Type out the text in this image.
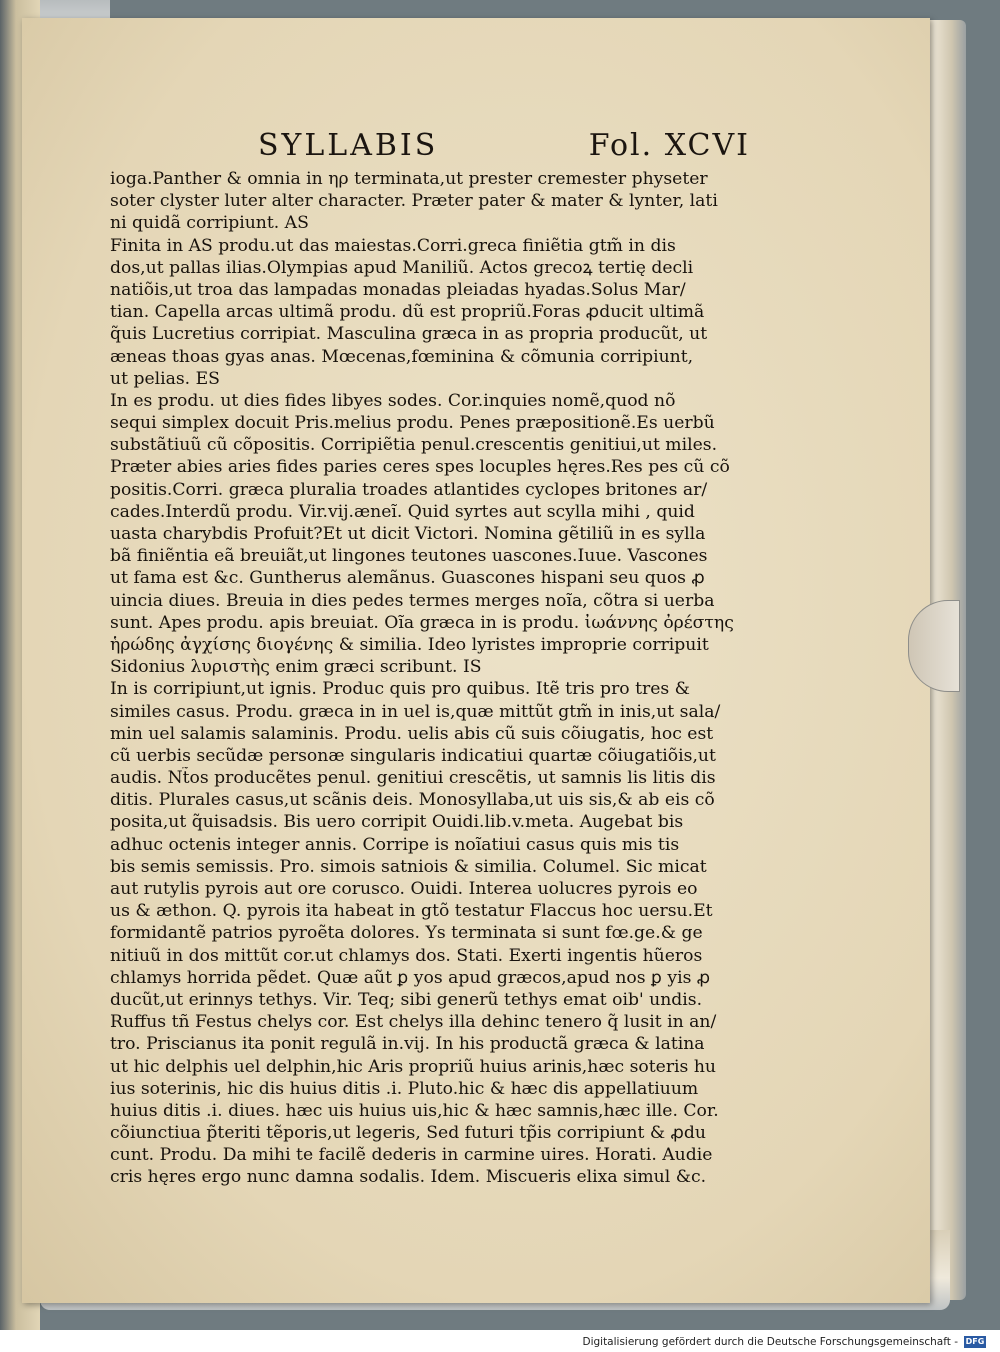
SYLLABIS	Fol. XCVI
ioga.Panther & omnia in ηρ terminata,ut prester cremester physeter
soter clyster luter alter character. Præter pater & mater & lynter, lati
ni quidã corripiunt. AS
Finita in AS produ.ut das maiestas.Corri.greca finiẽtia gtm̃ in dis
dos,ut pallas ilias.Olympias apud Maniliũ. Actos grecoꝝ tertię decli
natiõis,ut troa das lampadas monadas pleiadas hyadas.Solus Mar/
tian. Capella arcas ultimã produ. dũ est propriũ.Foras ꝓducit ultimã
q̃uis Lucretius corripiat. Masculina græca in as propria producũt, ut
æneas thoas gyas anas. Mœcenas,fœminina & cõmunia corripiunt,
ut pelias. ES
In es produ. ut dies fides libyes sodes. Cor.inquies nomẽ,quod nõ
sequi simplex docuit Pris.melius produ. Penes præpositionẽ.Es uerbũ
substãtiuũ cũ cõpositis. Corripiẽtia penul.crescentis genitiui,ut miles.
Præter abies aries fides paries ceres spes locuples hęres.Res pes cũ cõ
positis.Corri. græca pluralia troades atlantides cyclopes britones ar/
cades.Interdũ produ. Vir.vij.æneĩ. Quid syrtes aut scylla mihi , quid
uasta charybdis Profuit?Et ut dicit Victori. Nomina gẽtiliũ in es sylla
bã finiẽntia eã breuiãt,ut lingones teutones uascones.Iuue. Vascones
ut fama est &c. Guntherus alemãnus. Guascones hispani seu quos ꝓ
uincia diues. Breuia in dies pedes termes merges noĩa, cõtra si uerba
sunt. Apes produ. apis breuiat. Oĩa græca in is produ. ἰωάννης ὀρέστης
ἡρώδης ἀγχίσης διογένης & similia. Ideo lyristes improprie corripuit
Sidonius λυριστὴς enim græci scribunt. IS
In is corripiunt,ut ignis. Produc quis pro quibus. Itẽ tris pro tres &
similes casus. Produ. græca in in uel is,quæ mittũt gtm̃ in inis,ut sala/
min uel salamis salaminis. Produ. uelis abis cũ suis cõiugatis, hoc est
cũ uerbis secũdæ personæ singularis indicatiui quartæ cõiugatiõis,ut
audis. Nt̃os producẽtes penul. genitiui crescẽtis, ut samnis lis litis dis
ditis. Plurales casus,ut scãnis deis. Monosyllaba,ut uis sis,& ab eis cõ
posita,ut q̃uisadsis. Bis uero corripit Ouidi.lib.v.meta. Augebat bis
adhuc octenis integer annis. Corripe is noĩatiui casus quis mis tis
bis semis semissis. Pro. simois satniois & similia. Columel. Sic micat
aut rutylis pyrois aut ore corusco. Ouidi. Interea uolucres pyrois eo
us & æthon. Q. pyrois ita habeat in gtõ testatur Flaccus hoc uersu.Et
formidantẽ patrios pyroẽta dolores. Ys terminata si sunt fœ.ge.& ge
nitiuũ in dos mittũt cor.ut chlamys dos. Stati. Exerti ingentis hũeros
chlamys horrida pẽdet. Quæ aũt ꝑ yos apud græcos,apud nos ꝑ yis ꝓ
ducũt,ut erinnys tethys. Vir. Teq; sibi generũ tethys emat oib' undis.
Ruffus tñ Festus chelys cor. Est chelys illa dehinc tenero q̃ lusit in an/
tro. Priscianus ita ponit regulã in.vij. In his productã græca & latina
ut hic delphis uel delphin,hic Aris propriũ huius arinis,hæc soteris hu
ius soterinis, hic dis huius ditis .i. Pluto.hic & hæc dis appellatiuum
huius ditis .i. diues. hæc uis huius uis,hic & hæc samnis,hæc ille. Cor.
cõiunctiua p̃teriti tẽporis,ut legeris, Sed futuri tp̃is corripiunt & ꝓdu
cunt. Produ. Da mihi te facilẽ dederis in carmine uires. Horati. Audie
cris hęres ergo nunc damna sodalis. Idem. Miscueris elixa simul &c.
Digitalisierung gefördert durch die Deutsche Forschungsgemeinschaft - DFG
